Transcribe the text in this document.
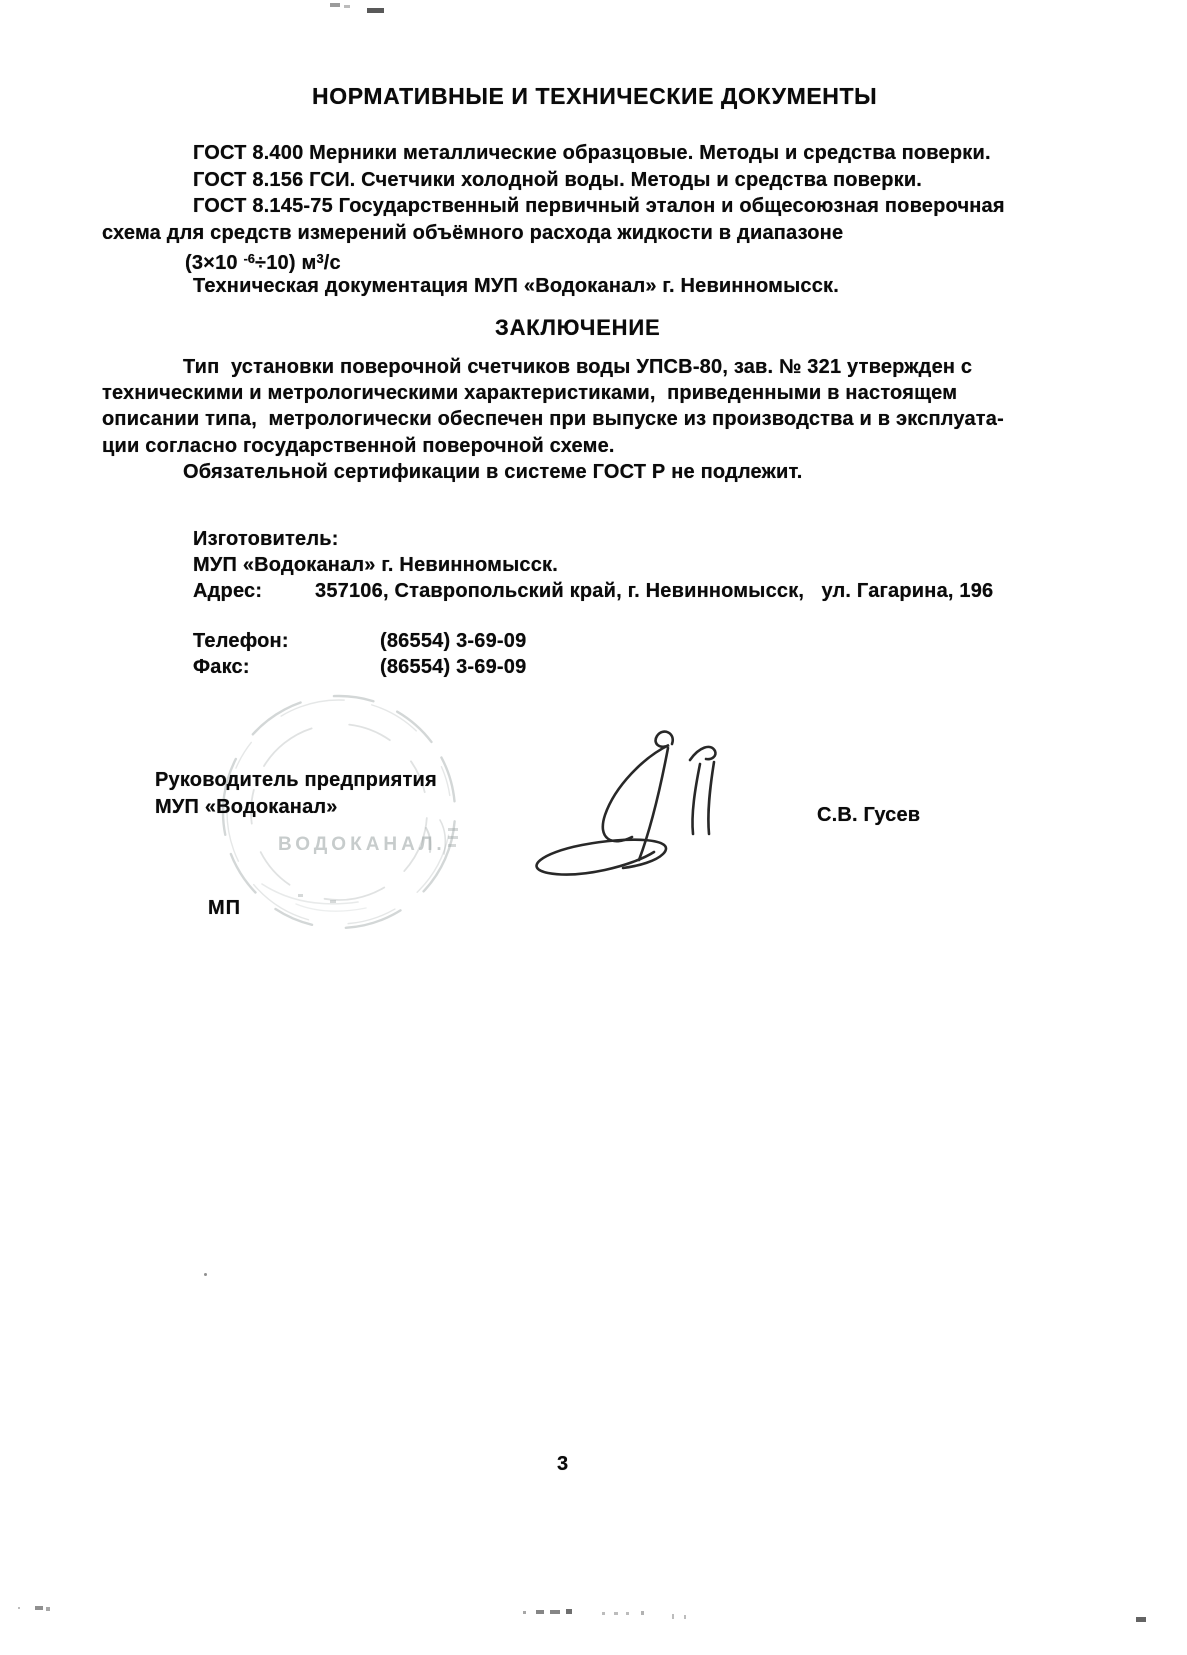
НОРМАТИВНЫЕ И ТЕХНИЧЕСКИЕ ДОКУМЕНТЫ
ГОСТ 8.400 Мерники металлические образцовые. Методы и средства поверки.
ГОСТ 8.156 ГСИ. Счетчики холодной воды. Методы и средства поверки.
ГОСТ 8.145-75 Государственный первичный эталон и общесоюзная поверочная
схема для средств измерений объёмного расхода жидкости в диапазоне
(3×10 $^{-6}$÷10) $м^3/с$
Техническая документация МУП «Водоканал» г. Невинномысск.
ЗАКЛЮЧЕНИЕ
Тип  установки поверочной счетчиков воды УПСВ-80, зав. № 321 утвержден с
техническими и метрологическими характеристиками,  приведенными в настоящем
описании типа,  метрологически обеспечен при выпуске из производства и в эксплуата-
ции согласно государственной поверочной схеме.
Обязательной сертификации в системе ГОСТ Р не подлежит.
Изготовитель:
МУП «Водоканал» г. Невинномысск.
Адрес:	357106, Ставропольский край, г. Невинномысск,   ул. Гагарина, 196
Телефон:	(86554) 3-69-09
Факс:	(86554) 3-69-09
ВОДОКАНАЛ.
Руководитель предприятия
МУП «Водоканал»	С.В. Гусев
МП
3
